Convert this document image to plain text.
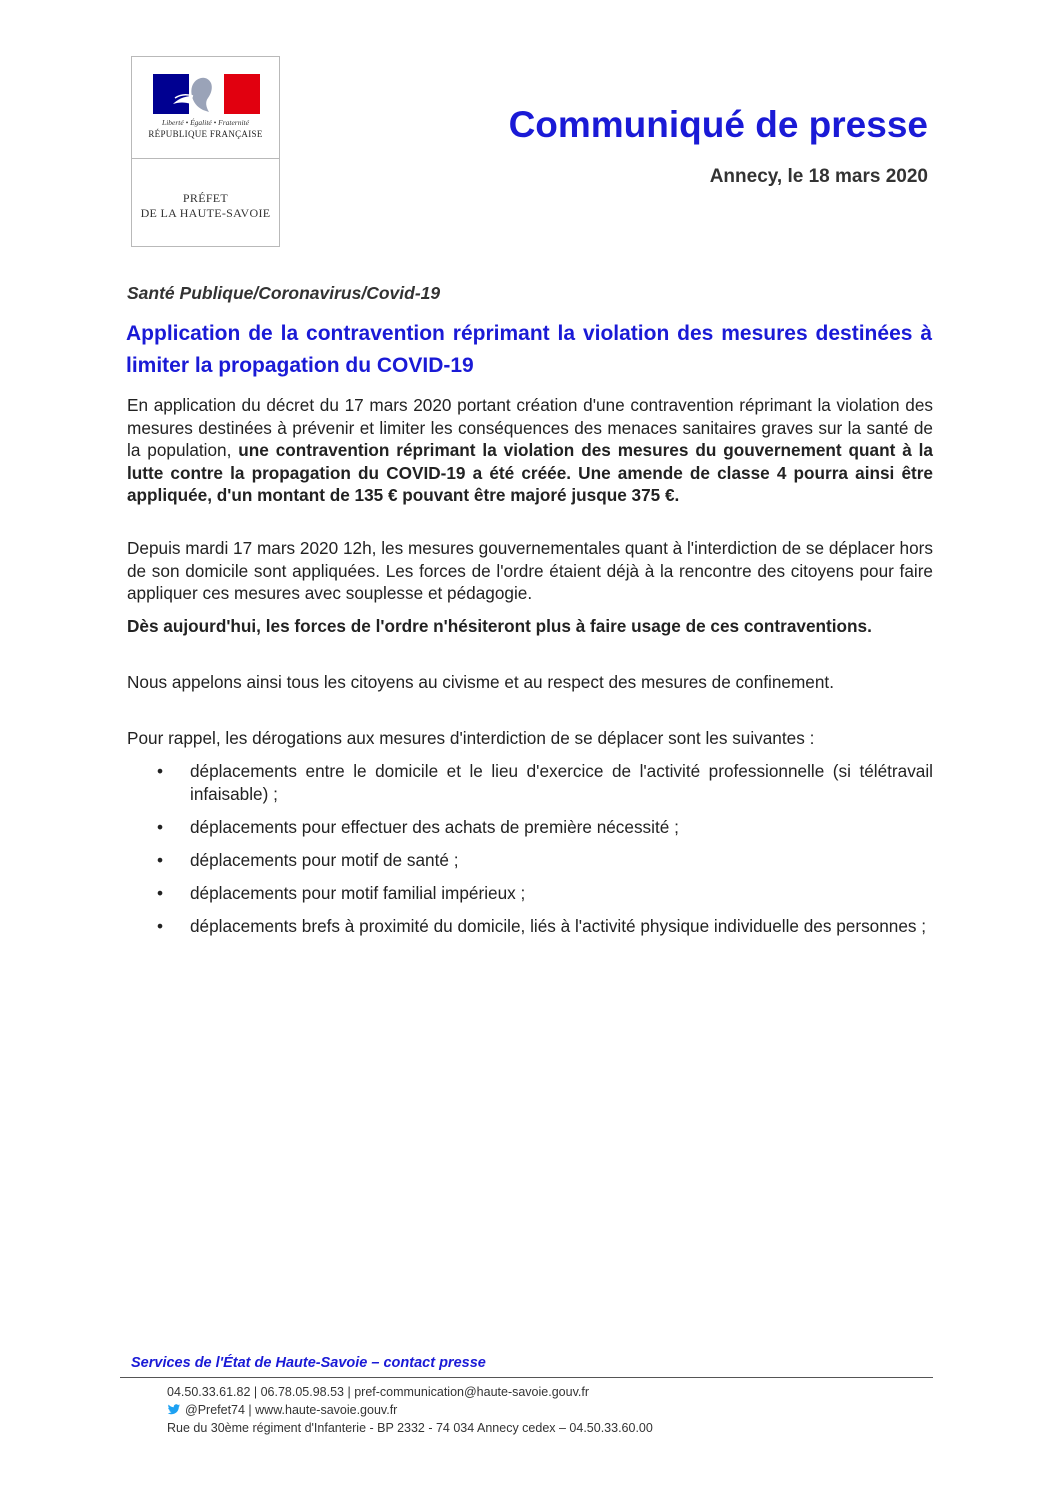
Liberté • Égalité • Fraternité
RÉPUBLIQUE FRANÇAISE
PRÉFET
DE LA HAUTE-SAVOIE
Communiqué de presse
Annecy, le 18 mars 2020
Santé Publique/Coronavirus/Covid-19
Application de la contravention réprimant la violation des mesures destinées à limiter la propagation du COVID-19
En application du décret du 17 mars 2020 portant création d'une contravention réprimant la violation des mesures destinées à prévenir et limiter les conséquences des menaces sanitaires graves sur la santé de la population, une contravention réprimant la violation des mesures du gouvernement quant à la lutte contre la propagation du COVID-19 a été créée. Une amende de classe 4 pourra ainsi être appliquée, d'un montant de 135 € pouvant être majoré jusque 375 €.
Depuis mardi 17 mars 2020 12h, les mesures gouvernementales quant à l'interdiction de se déplacer hors de son domicile sont appliquées. Les forces de l'ordre étaient déjà à la rencontre des citoyens pour faire appliquer ces mesures avec souplesse et pédagogie.
Dès aujourd'hui, les forces de l'ordre n'hésiteront plus à faire usage de ces contraventions.
Nous appelons ainsi tous les citoyens au civisme et au respect des mesures de confinement.
Pour rappel, les dérogations aux mesures d'interdiction de se déplacer sont les suivantes :
• déplacements entre le domicile et le lieu d'exercice de l'activité professionnelle (si télétravail infaisable) ;
• déplacements pour effectuer des achats de première nécessité ;
• déplacements pour motif de santé ;
• déplacements pour motif familial impérieux ;
• déplacements brefs à proximité du domicile, liés à l'activité physique individuelle des personnes ;
Services de l'État de Haute-Savoie – contact presse
04.50.33.61.82 | 06.78.05.98.53 | pref-communication@haute-savoie.gouv.fr
@Prefet74 | www.haute-savoie.gouv.fr
Rue du 30ème régiment d'Infanterie - BP 2332 - 74 034 Annecy cedex – 04.50.33.60.00
